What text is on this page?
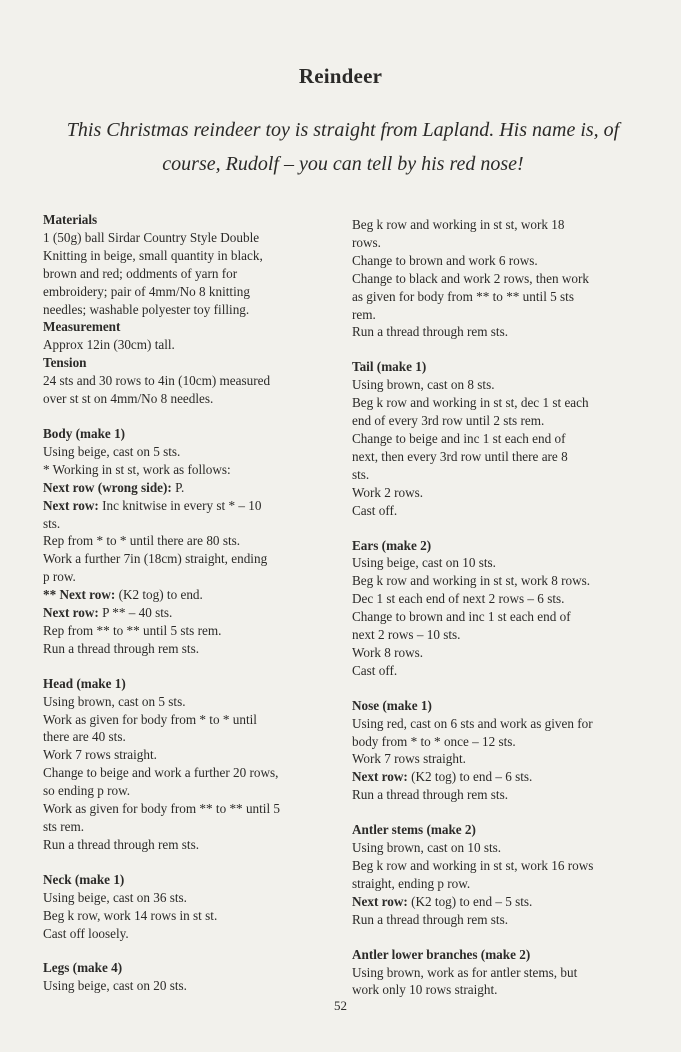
Reindeer
This Christmas reindeer toy is straight from Lapland. His name is, of
course, Rudolf – you can tell by his red nose!
Materials
1 (50g) ball Sirdar Country Style Double
Knitting in beige, small quantity in black,
brown and red; oddments of yarn for
embroidery; pair of 4mm/No 8 knitting
needles; washable polyester toy filling.
Measurement
Approx 12in (30cm) tall.
Tension
24 sts and 30 rows to 4in (10cm) measured
over st st on 4mm/No 8 needles.
Body (make 1)
Using beige, cast on 5 sts.
* Working in st st, work as follows:
Next row (wrong side): P.
Next row: Inc knitwise in every st * – 10
sts.
Rep from * to * until there are 80 sts.
Work a further 7in (18cm) straight, ending
p row.
** Next row: (K2 tog) to end.
Next row: P ** – 40 sts.
Rep from ** to ** until 5 sts rem.
Run a thread through rem sts.
Head (make 1)
Using brown, cast on 5 sts.
Work as given for body from * to * until
there are 40 sts.
Work 7 rows straight.
Change to beige and work a further 20 rows,
so ending p row.
Work as given for body from ** to ** until 5
sts rem.
Run a thread through rem sts.
Neck (make 1)
Using beige, cast on 36 sts.
Beg k row, work 14 rows in st st.
Cast off loosely.
Legs (make 4)
Using beige, cast on 20 sts.
Beg k row and working in st st, work 18
rows.
Change to brown and work 6 rows.
Change to black and work 2 rows, then work
as given for body from ** to ** until 5 sts
rem.
Run a thread through rem sts.
Tail (make 1)
Using brown, cast on 8 sts.
Beg k row and working in st st, dec 1 st each
end of every 3rd row until 2 sts rem.
Change to beige and inc 1 st each end of
next, then every 3rd row until there are 8
sts.
Work 2 rows.
Cast off.
Ears (make 2)
Using beige, cast on 10 sts.
Beg k row and working in st st, work 8 rows.
Dec 1 st each end of next 2 rows – 6 sts.
Change to brown and inc 1 st each end of
next 2 rows – 10 sts.
Work 8 rows.
Cast off.
Nose (make 1)
Using red, cast on 6 sts and work as given for
body from * to * once – 12 sts.
Work 7 rows straight.
Next row: (K2 tog) to end – 6 sts.
Run a thread through rem sts.
Antler stems (make 2)
Using brown, cast on 10 sts.
Beg k row and working in st st, work 16 rows
straight, ending p row.
Next row: (K2 tog) to end – 5 sts.
Run a thread through rem sts.
Antler lower branches (make 2)
Using brown, work as for antler stems, but
work only 10 rows straight.
52
